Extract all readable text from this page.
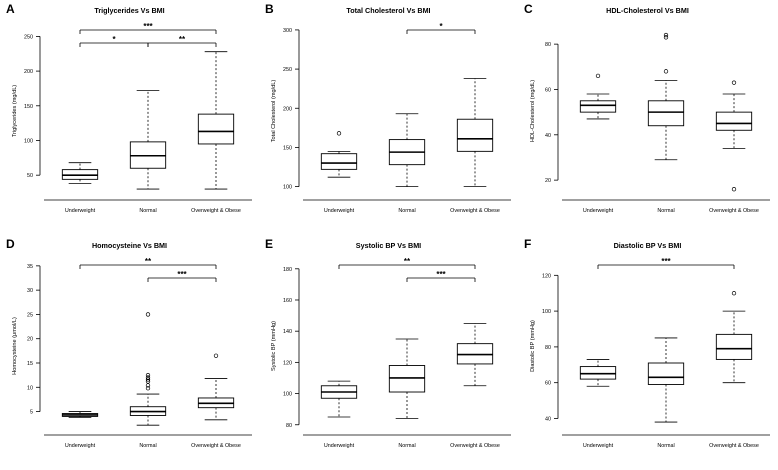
A	Triglycerides Vs BMI
50
100
150
200
250
Triglycerides (mg/dL)
Underweight	Normal	Overweight & Obese
*	**
***
B	Total Cholesterol Vs BMI
100
150
200
250
300
Total Cholesterol (mg/dL)
Underweight	Normal	Overweight & Obese
*
C	HDL-Cholesterol Vs BMI
20
40
60
80
HDL-Cholesterol (mg/dL)
Underweight	Normal	Overweight & Obese
D	Homocysteine Vs BMI
5
10
15
20
25
30
35
Homocysteine (μmol/L)
Underweight	Normal	Overweight & Obese
**
***
E	Systolic BP Vs BMI
80
100
120
140
160
180
Systolic BP (mmHg)
Underweight	Normal	Overweight & Obese
**
***
F	Diastolic BP Vs BMI
40
60
80
100
120
Diastolic BP (mmHg)
Underweight	Normal	Overweight & Obese
***
